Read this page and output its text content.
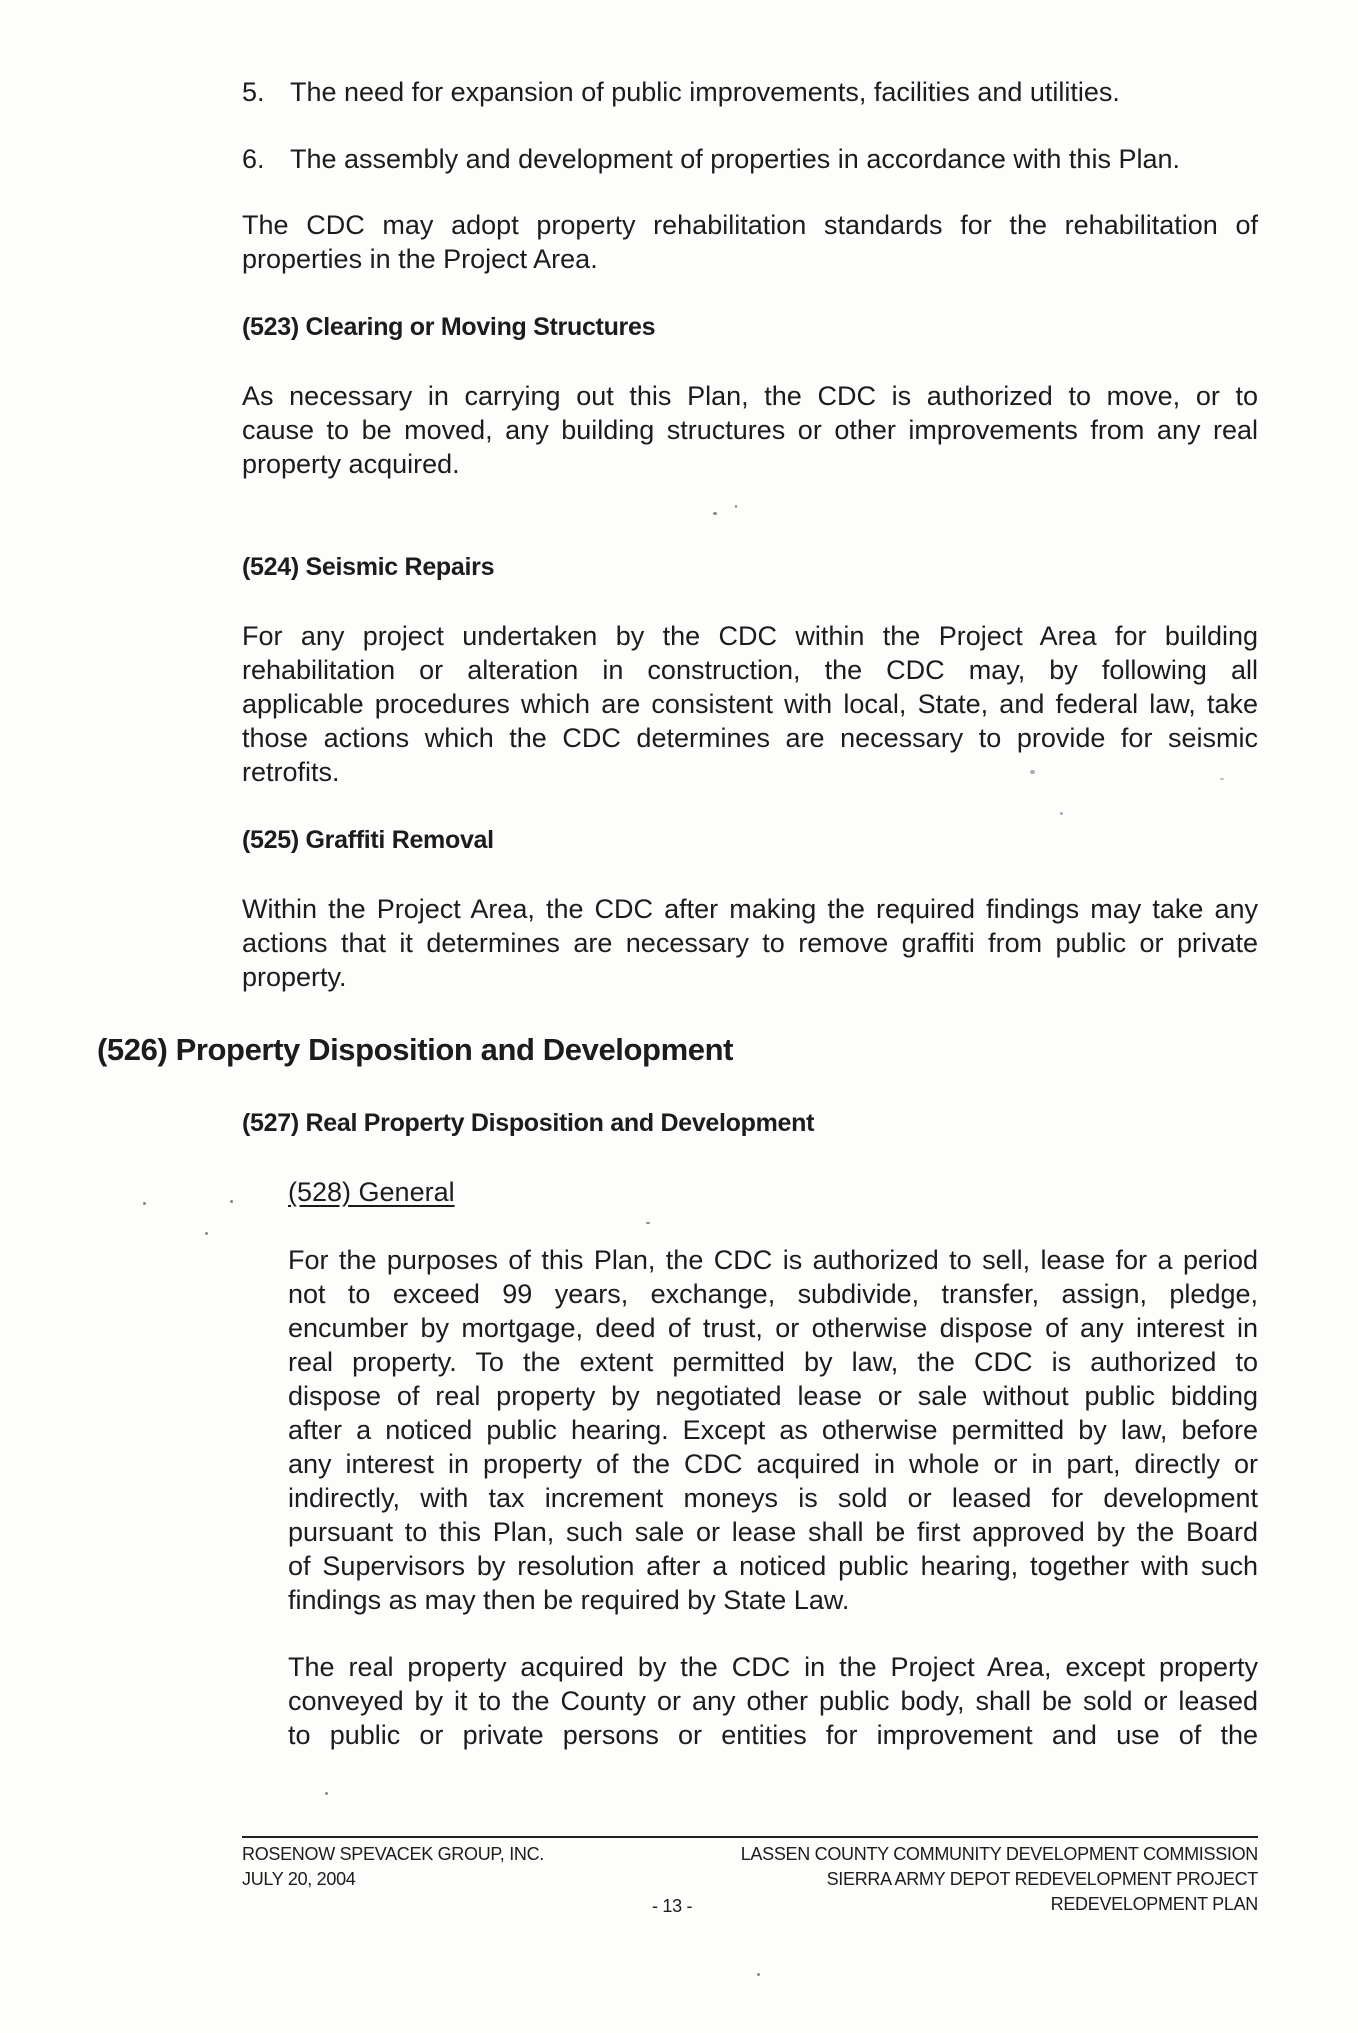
5. The need for expansion of public improvements, facilities and utilities.

6. The assembly and development of properties in accordance with this Plan.

The CDC may adopt property rehabilitation standards for the rehabilitation of
properties in the Project Area.

(523) Clearing or Moving Structures

As necessary in carrying out this Plan, the CDC is authorized to move, or to
cause to be moved, any building structures or other improvements from any real
property acquired.

(524) Seismic Repairs

For any project undertaken by the CDC within the Project Area for building
rehabilitation or alteration in construction, the CDC may, by following all
applicable procedures which are consistent with local, State, and federal law, take
those actions which the CDC determines are necessary to provide for seismic
retrofits.

(525) Graffiti Removal

Within the Project Area, the CDC after making the required findings may take any
actions that it determines are necessary to remove graffiti from public or private
property.

(526) Property Disposition and Development

(527) Real Property Disposition and Development

(528) General

For the purposes of this Plan, the CDC is authorized to sell, lease for a period
not to exceed 99 years, exchange, subdivide, transfer, assign, pledge,
encumber by mortgage, deed of trust, or otherwise dispose of any interest in
real property. To the extent permitted by law, the CDC is authorized to
dispose of real property by negotiated lease or sale without public bidding
after a noticed public hearing. Except as otherwise permitted by law, before
any interest in property of the CDC acquired in whole or in part, directly or
indirectly, with tax increment moneys is sold or leased for development
pursuant to this Plan, such sale or lease shall be first approved by the Board
of Supervisors by resolution after a noticed public hearing, together with such
findings as may then be required by State Law.
The real property acquired by the CDC in the Project Area, except property
conveyed by it to the County or any other public body, shall be sold or leased
to public or private persons or entities for improvement and use of the
ROSENOW SPEVACEK GROUP, INC.
JULY 20, 2004
LASSEN COUNTY COMMUNITY DEVELOPMENT COMMISSION
SIERRA ARMY DEPOT REDEVELOPMENT PROJECT
REDEVELOPMENT PLAN

- 13 -
